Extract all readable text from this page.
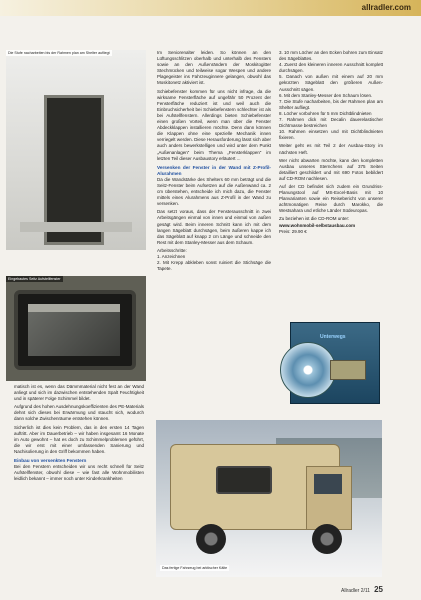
allradler.com
Die Stufe nacharbeiten bis der Rahmen plan am Shelter aufliegt
Eingebautes Seitz Aufstellfenster
Unterwegs
Das fertige Fahrzeug bei arktischer Kälte

Im Seniorenalter leiden. So können an den Lüftungsschlitzen oberhalb und unterhalb des Fensters sowie an den Außenrändern der Moskitogitter Stechmücken und teilweise sogar Wespen und andere Plagegeister ins Fahrzeuginnere gelangen, obwohl das Moskitonetz aktiviert ist.

Schiebefenster kommen für uns nicht infrage, da die wirksame Fensterfläche auf ungefähr 50 Prozent der Fensterfläche reduziert ist und weil auch die Einbruchsicherheit bei Schiebefenstern schlechter ist als bei Aufstellfenstern. Allerdings bieten Schiebefenster einen großen Vorteil, wenn man über die Fenster Abdeckklappen installieren möchte. Denn dann können die Klappen ohne eine spezielle Mechanik innen verriegelt werden. Diese Herausforderung lässt sich aber auch anders bewerkstelligen und wird unter dem Punkt „Außenanlagen“ beim Thema „Fensterklappen“ im letzten Teil dieser Ausbaustory erläutert ...

Versenken der Fenster in der Wand mit Z-Profil-Alurahmen

Da die Wandstärke des Shelters 60 mm beträgt und die Seitz-Fenster beim Aufsetzen auf die Außenwand ca. 2 cm überstehen, entscheide ich mich dazu, die Fenster mittels eines Alurahmens aus Z-Profil in der Wand zu versenken.

Das setzt voraus, dass der Fensterausschnitt in zwei Arbeitsgängen einmal von innen und einmal von außen gesägt wird. Beim inneren Schnitt kann ich mit dem langen Sägeblatt durchsägen, beim äußeren kappe ich das Sägeblatt auf knapp 2 cm Länge und schneide den Rest mit dem Stanley-Messer aus dem Schaum.

Arbeitsschritte:

1. Anzeichnen

2. Mit Krepp abkleben sonst ruiniert die Stichsäge die Tapete.

3. 10 mm Löcher an den Ecken bohren zum Einsatz des Sägeblattes.

4. Zuerst den kleineren inneren Ausschnitt komplett durchsägen.

5. Danach von außen mit einem auf 20 mm gekürzten Sägeblatt den größeren Außen-Ausschnitt sägen.

6. Mit dem Stanley-Messer den Schaum lösen.

7. Die Stufe nacharbeiten, bis der Rahmen plan am Shelter aufliegt.

8. Löcher vorbohren für 5 mm Dichtblindnieten

7. Rahmen dick mit Decalin dauerelastischer Dichtmasse bestreichen

10. Rahmen einsetzen und mit Dichtblindnieten fixieren.

Weiter geht es mit Teil 2 der Ausbau-Story im nächsten Heft.

Wer nicht abwarten möchte, kann den kompletten Ausbau unseres Sternchens auf 375 Seiten detailliert geschildert und mit 690 Fotos bebildert auf CD-ROM nachlesen.

Auf der CD befindet sich zudem ein Grundriss-Planungstool auf MS-Excel-Basis mit 10 Planvarianten sowie ein Reisebericht von unserer achtmonatigen Reise durch Marokko, die Westsahara und etliche Länder Südeuropas.

Zu beziehen ist die CD-ROM unter:

www.wohnmobil-selbstausbau.com

Preis: 29.90 €

matisch ist es, wenn das Dämmmaterial nicht fest an der Wand anliegt und sich im dazwischen entstehenden Spalt Feuchtigkeit und in späterer Folge Schimmel bildet.

Aufgrund des hohen Ausdehnungskoeffizienten des PE-Materials dehnt sich dieses bei Erwärmung und staucht sich, wodurch dann solche Zwischenräume entstehen können.

Sicherlich ist dies kein Problem, das in den ersten 14 Tagen auftritt. Aber im Dauerbetrieb – wir haben insgesamt 16 Monate im Auto gewohnt – hat es doch zu Schimmelproblemen geführt, die wir erst mit einer umfassenden Sanierung und Nachisolierung in den Griff bekommen haben.

Einbau von versenkten Fenstern

Bei den Fenstern entscheiden wir uns recht schnell für Seitz Aufstellfenster, obwohl diese – wie fast alle Wohnmobilisten leidlich bekannt – immer noch unter Kinderkrankheiten

Allradler 2/11 25
